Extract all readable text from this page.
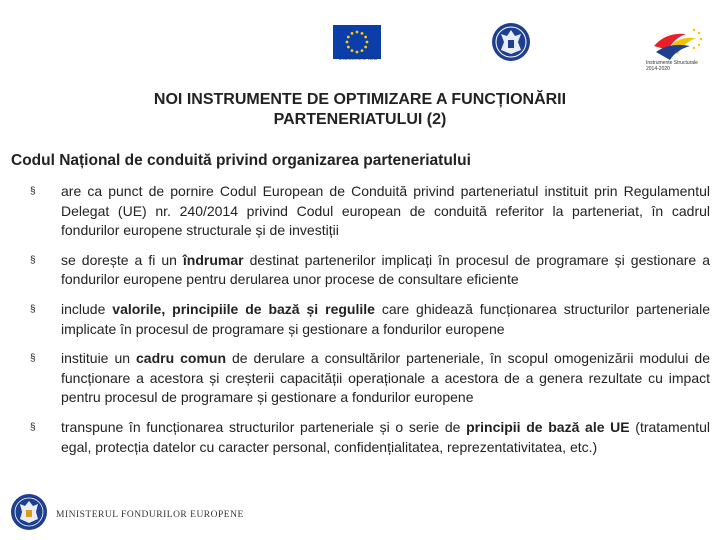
UNIUNEA EUROPEANĂ
Instrumente Structurale 2014-2020
NOI INSTRUMENTE DE OPTIMIZARE A FUNCȚIONĂRII
PARTENERIATULUI (2)
Codul Național de conduită privind organizarea parteneriatului
§ are ca punct de pornire Codul European de Conduită privind parteneriatul instituit prin Regulamentul Delegat (UE) nr. 240/2014 privind Codul european de conduită referitor la parteneriat, în cadrul fondurilor europene structurale și de investiții
§ se dorește a fi un îndrumar destinat partenerilor implicați în procesul de programare și gestionare a fondurilor europene pentru derularea unor procese de consultare eficiente
§ include valorile, principiile de bază și regulile care ghidează funcționarea structurilor parteneriale implicate în procesul de programare și gestionare a fondurilor europene
§ instituie un cadru comun de derulare a consultărilor parteneriale, în scopul omogenizării modului de funcționare a acestora și creșterii capacității operaționale a acestora de a genera rezultate cu impact pentru procesul de programare și gestionare a fondurilor europene
§ transpune în funcționarea structurilor parteneriale și o serie de principii de bază ale UE (tratamentul egal, protecția datelor cu caracter personal, confidențialitatea, reprezentativitatea, etc.)
MINISTERUL FONDURILOR EUROPENE
